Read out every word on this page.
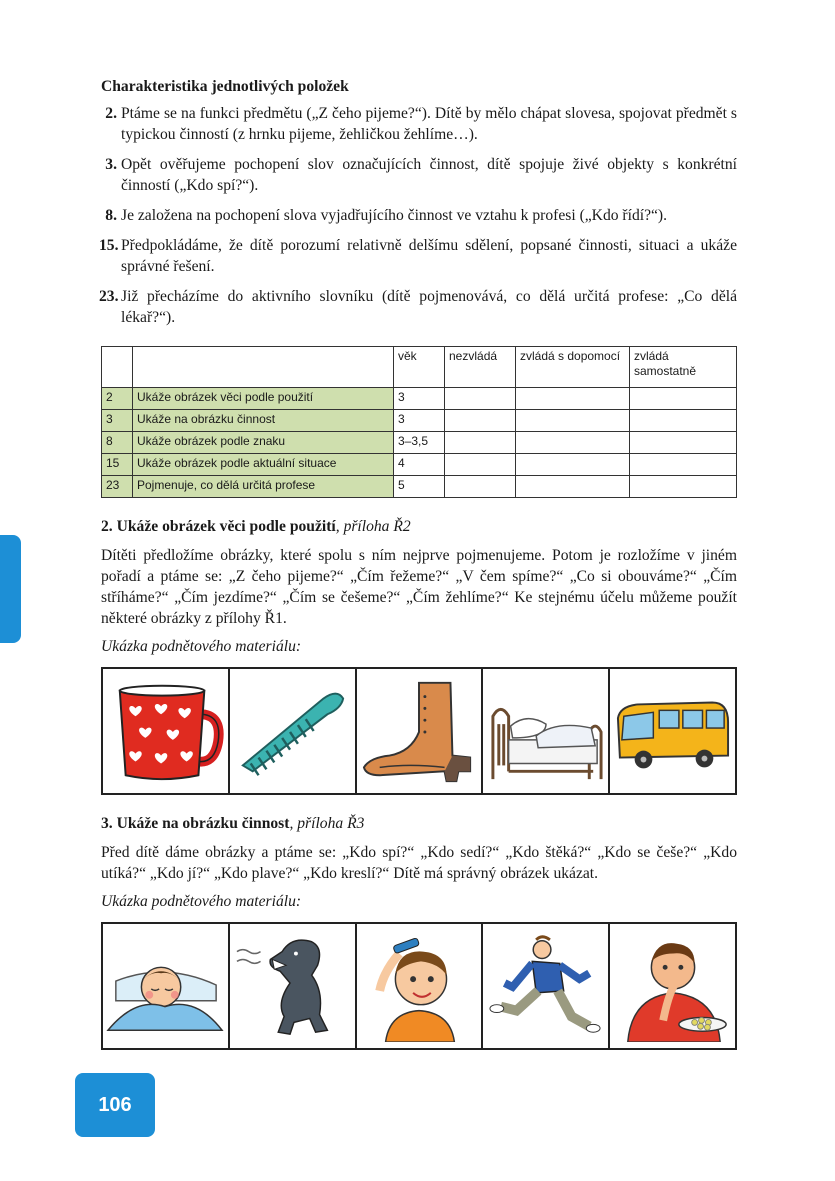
Charakteristika jednotlivých položek
2. Ptáme se na funkci předmětu („Z čeho pijeme?“). Dítě by mělo chápat slovesa, spojovat předmět s typickou činností (z hrnku pijeme, žehličkou žehlíme…).
3. Opět ověřujeme pochopení slov označujících činnost, dítě spojuje živé objekty s konkrétní činností („Kdo spí?“).
8. Je založena na pochopení slova vyjadřujícího činnost ve vztahu k profesi („Kdo řídí?“).
15. Předpokládáme, že dítě porozumí relativně delšímu sdělení, popsané činnosti, situaci a ukáže správné řešení.
23. Již přecházíme do aktivního slovníku (dítě pojmenovává, co dělá určitá profese: „Co dělá lékař?“).
		věk	nezvládá	zvládá s dopomocí	zvládá samostatně
2	Ukáže obrázek věci podle použití	3			
3	Ukáže na obrázku činnost	3			
8	Ukáže obrázek podle znaku	3–3,5			
15	Ukáže obrázek podle aktuální situace	4			
23	Pojmenuje, co dělá určitá profese	5			
2. Ukáže obrázek věci podle použití, příloha Ř2

Dítěti předložíme obrázky, které spolu s ním nejprve pojmenujeme. Potom je rozložíme v jiném pořadí a ptáme se: „Z čeho pijeme?“ „Čím řežeme?“ „V čem spíme?“ „Co si obouváme?“ „Čím stříháme?“ „Čím jezdíme?“ „Čím se češeme?“ „Čím žehlíme?“ Ke stejnému účelu můžeme použít některé obrázky z přílohy Ř1.

Ukázka podnětového materiálu:

3. Ukáže na obrázku činnost, příloha Ř3

Před dítě dáme obrázky a ptáme se: „Kdo spí?“ „Kdo sedí?“ „Kdo štěká?“ „Kdo se češe?“ „Kdo utíká?“ „Kdo jí?“ „Kdo plave?“ „Kdo kreslí?“ Dítě má správný obrázek ukázat.

Ukázka podnětového materiálu:

106
